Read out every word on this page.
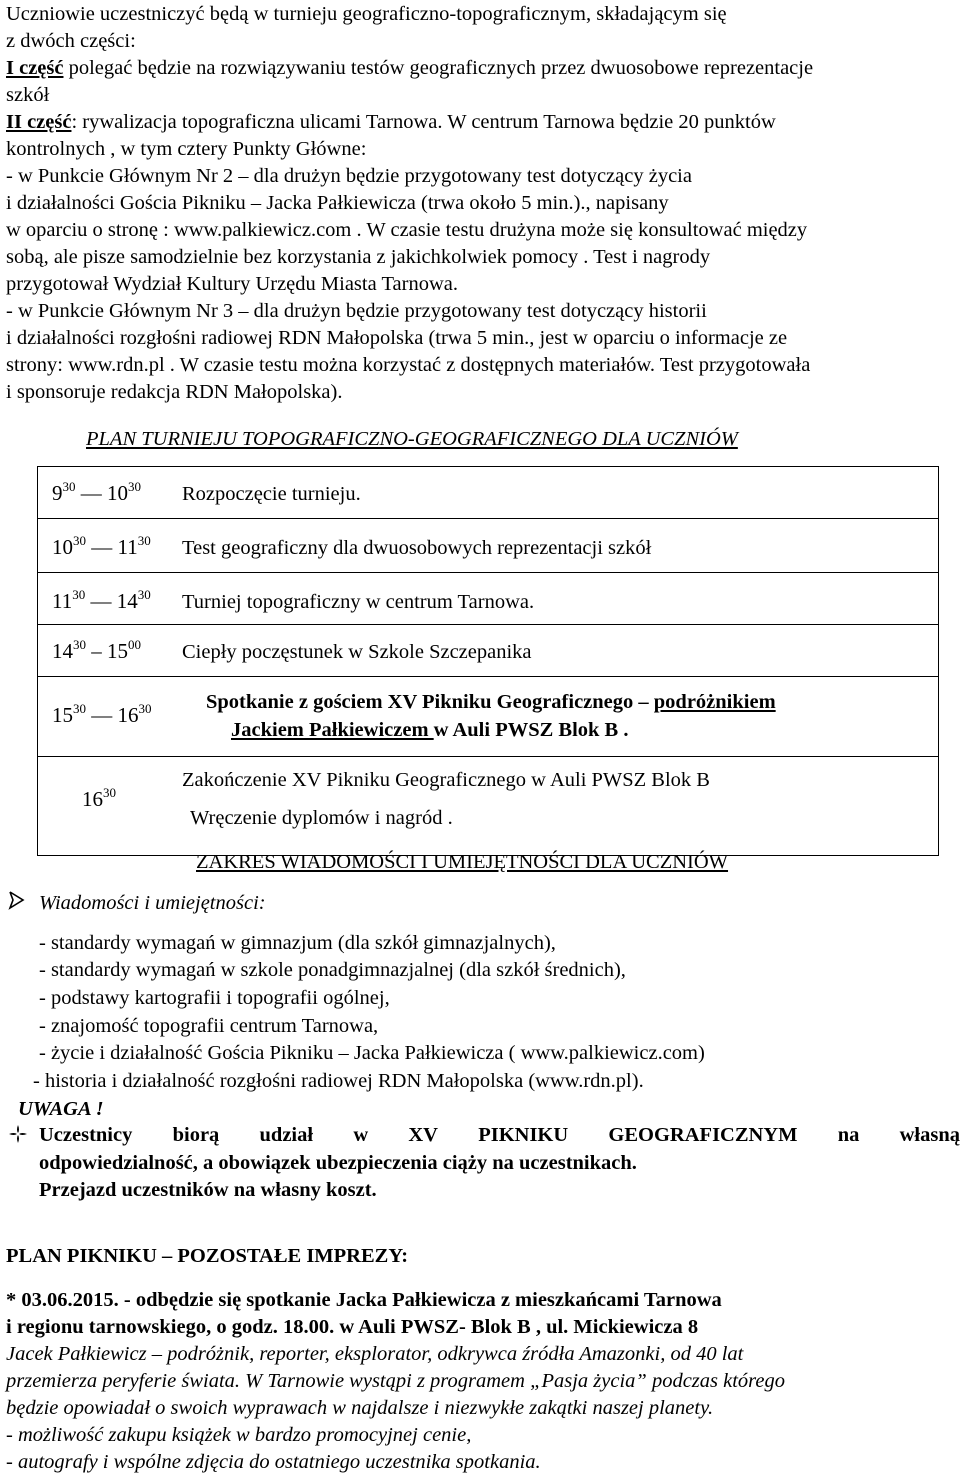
Uczniowie uczestniczyć będą w turnieju geograficzno-topograficznym, składającym się
z dwóch części:
I część polegać będzie na rozwiązywaniu testów geograficznych przez dwuosobowe reprezentacje
szkół
II część: rywalizacja topograficzna ulicami Tarnowa. W centrum Tarnowa będzie 20 punktów
kontrolnych , w tym cztery Punkty Główne:
- w Punkcie Głównym Nr 2 – dla drużyn będzie przygotowany test dotyczący życia
i działalności Gościa Pikniku – Jacka Pałkiewicza (trwa około 5 min.)., napisany
w oparciu o stronę : www.palkiewicz.com . W czasie testu drużyna może się konsultować między
sobą, ale pisze samodzielnie bez korzystania z jakichkolwiek pomocy . Test i nagrody
przygotował Wydział Kultury Urzędu Miasta Tarnowa.
- w Punkcie Głównym Nr 3 – dla drużyn będzie przygotowany test dotyczący historii
i działalności rozgłośni radiowej RDN Małopolska (trwa 5 min., jest w oparciu o informacje ze
strony: www.rdn.pl . W czasie testu można korzystać z dostępnych materiałów. Test przygotowała
i sponsoruje redakcja RDN Małopolska).
PLAN TURNIEJU TOPOGRAFICZNO-GEOGRAFICZNEGO DLA UCZNIÓW
$9^{30}$ — $10^{30}$ Rozpoczęcie turnieju.
$10^{30}$ — $11^{30}$ Test geograficzny dla dwuosobowych reprezentacji szkół
$11^{30}$ — $14^{30}$ Turniej topograficzny w centrum Tarnowa.
$14^{30} - 15^{00}$ Ciepły poczęstunek w Szkole Szczepanika
$15^{30}$ — $16^{30}$	Spotkanie z gościem XV Pikniku Geograficznego – podróżnikiem
Jackiem Pałkiewiczem w Auli PWSZ Blok B .
$16^{30}$
Zakończenie XV Pikniku Geograficznego w Auli PWSZ Blok B
Wręczenie dyplomów i nagród .
ZAKRES WIADOMOŚCI I UMIEJĘTNOŚCI DLA UCZNIÓW
Wiadomości i umiejętności:
- standardy wymagań w gimnazjum (dla szkół gimnazjalnych),
- standardy wymagań w szkole ponadgimnazjalnej (dla szkół średnich),
- podstawy kartografii i topografii ogólnej,
- znajomość topografii centrum Tarnowa,
- życie i działalność Gościa Pikniku – Jacka Pałkiewicza ( www.palkiewicz.com)
- historia i działalność rozgłośni radiowej RDN Małopolska (www.rdn.pl).
UWAGA !
Uczestnicy biorą udział w XV PIKNIKU GEOGRAFICZNYM na własną
odpowiedzialność, a obowiązek ubezpieczenia ciąży na uczestnikach.
Przejazd uczestników na własny koszt.
PLAN PIKNIKU – POZOSTAŁE IMPREZY:
* 03.06.2015. - odbędzie się spotkanie Jacka Pałkiewicza z mieszkańcami Tarnowa
i regionu tarnowskiego, o godz. 18.00. w Auli PWSZ- Blok B , ul. Mickiewicza 8
Jacek Pałkiewicz – podróżnik, reporter, eksplorator, odkrywca źródła Amazonki, od 40 lat
przemierza peryferie świata. W Tarnowie wystąpi z programem „Pasja życia” podczas którego
będzie opowiadał o swoich wyprawach w najdalsze i niezwykłe zakątki naszej planety.
- możliwość zakupu książek w bardzo promocyjnej cenie,
- autografy i wspólne zdjęcia do ostatniego uczestnika spotkania.
